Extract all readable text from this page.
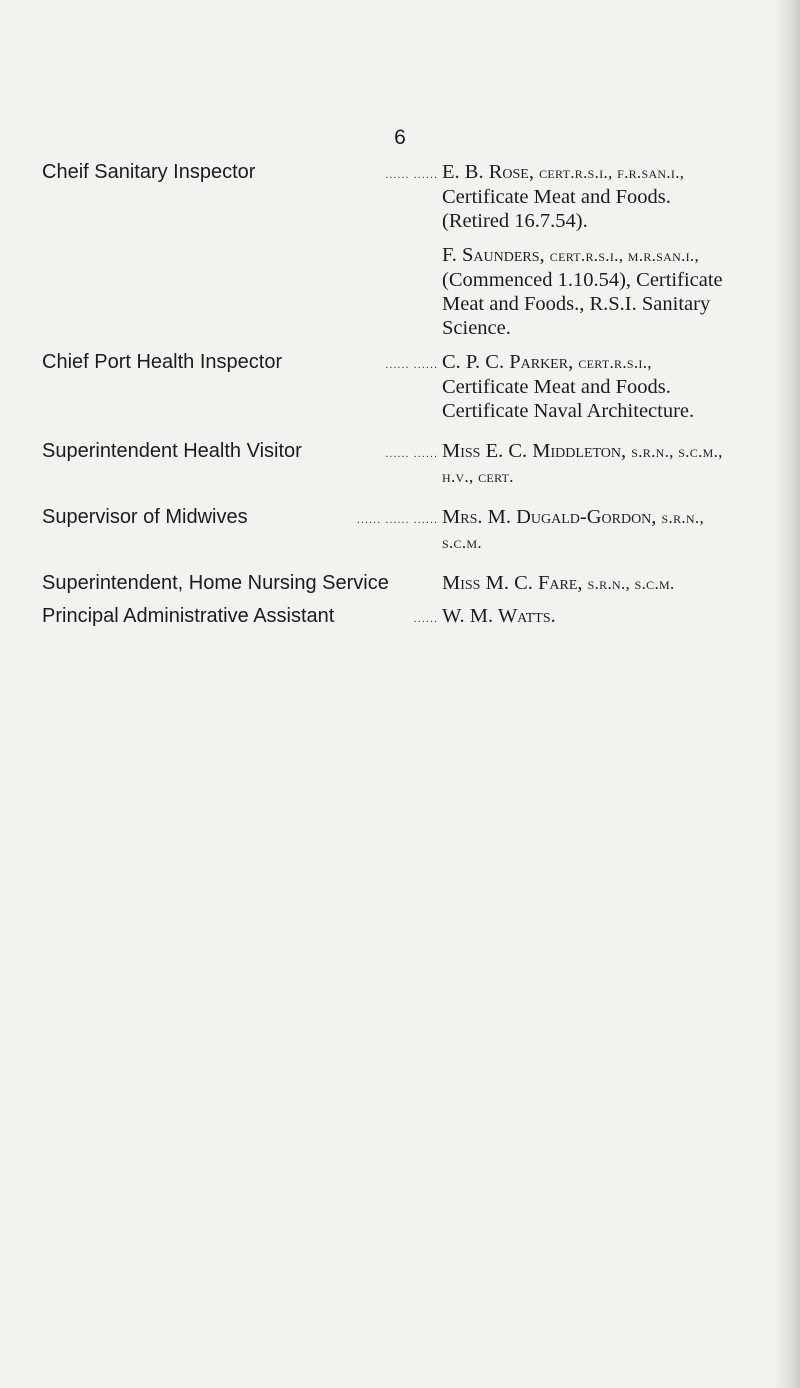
6
Cheif Sanitary Inspector	...... ...... E. B. Rose, cert.r.s.i., f.r.san.i.,
Certificate Meat and Foods.
(Retired 16.7.54).

F. Saunders, cert.r.s.i., m.r.san.i.,
(Commenced 1.10.54), Certificate
Meat and Foods., R.S.I. Sanitary
Science.

Chief Port Health Inspector	...... ...... C. P. C. Parker, cert.r.s.i.,
Certificate Meat and Foods.
Certificate Naval Architecture.

Superintendent Health Visitor	...... ...... Miss E. C. Middleton, s.r.n., s.c.m.,
h.v., cert.

Supervisor of Midwives	...... ...... ...... Mrs. M. Dugald-Gordon, s.r.n.,
s.c.m.

Superintendent, Home Nursing Service	Miss M. C. Fare, s.r.n., s.c.m.

Principal Administrative Assistant	...... W. M. Watts.
